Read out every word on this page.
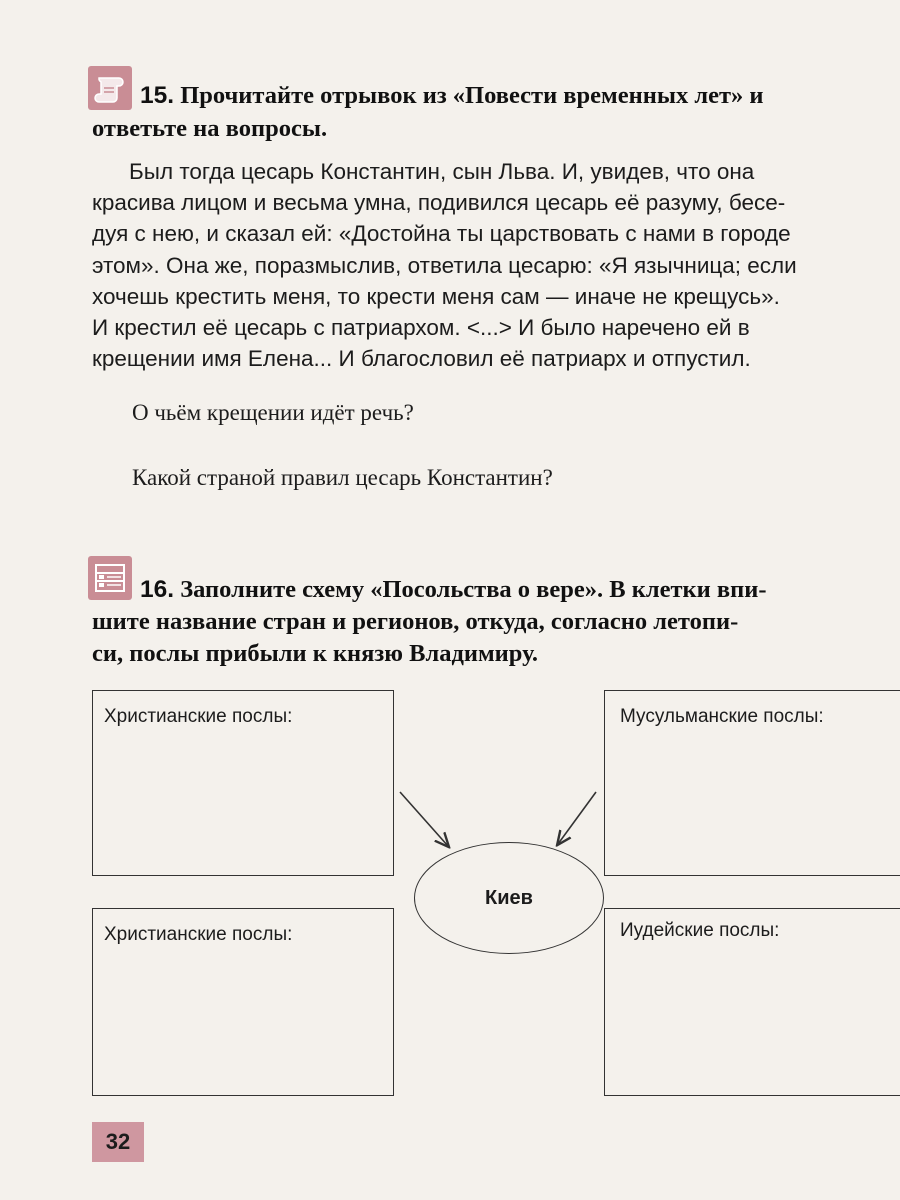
15. Прочитайте отрывок из «Повести временных лет» и
ответьте на вопросы.
Был тогда цесарь Константин, сын Льва. И, увидев, что она
красива лицом и весьма умна, подивился цесарь её разуму, бесе-
дуя с нею, и сказал ей: «Достойна ты царствовать с нами в городе
этом». Она же, поразмыслив, ответила цесарю: «Я язычница; если
хочешь крестить меня, то крести меня сам — иначе не крещусь».
И крестил её цесарь с патриархом. <...> И было наречено ей в
крещении имя Елена... И благословил её патриарх и отпустил.
О чьём крещении идёт речь?
Какой страной правил цесарь Константин?
16. Заполните схему «Посольства о вере». В клетки впи-
шите название стран и регионов, откуда, согласно летопи-
си, послы прибыли к князю Владимиру.
Христианские послы:	Мусульманские послы:
Христианские послы:	Иудейские послы:
Киев
32
